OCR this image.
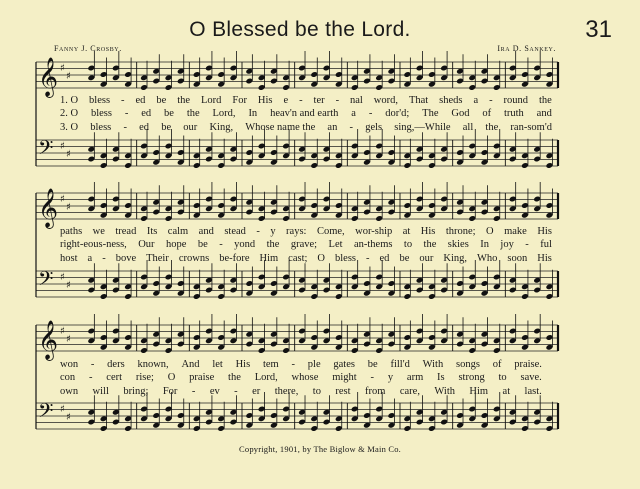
O Blessed be the Lord.	31
Fanny J. Crosby.	Ira D. Sankey.
𝄞 ♯
♯
𝄢 ♯
♯
𝄞 ♯
♯
𝄢 ♯
♯
𝄞 ♯
♯
𝄢 ♯
♯
1. O bless - ed be the Lord For His e - ter - nal word, That sheds a - round the
2. O bless - ed be the Lord, In heav'n and earth a - dor'd; The God of truth and
3. O bless - ed be our King, Whose name the an - gels sing,—While all the ran-som'd
paths we tread Its calm and stead - y rays: Come, wor-ship at His throne; O make His
right-eous-ness, Our hope be - yond the grave; Let an-thems to the skies In joy - ful
host a - bove Their crowns be-fore Him cast; O bless - ed be our King, Who soon His
won - ders known, And let His tem - ple gates be fill'd With songs of praise.
con - cert rise; O praise the Lord, whose might - y arm Is strong to save.
own will bring; For - ev - er there, to rest from care, With Him at last.
Copyright, 1901, by The Biglow & Main Co.
